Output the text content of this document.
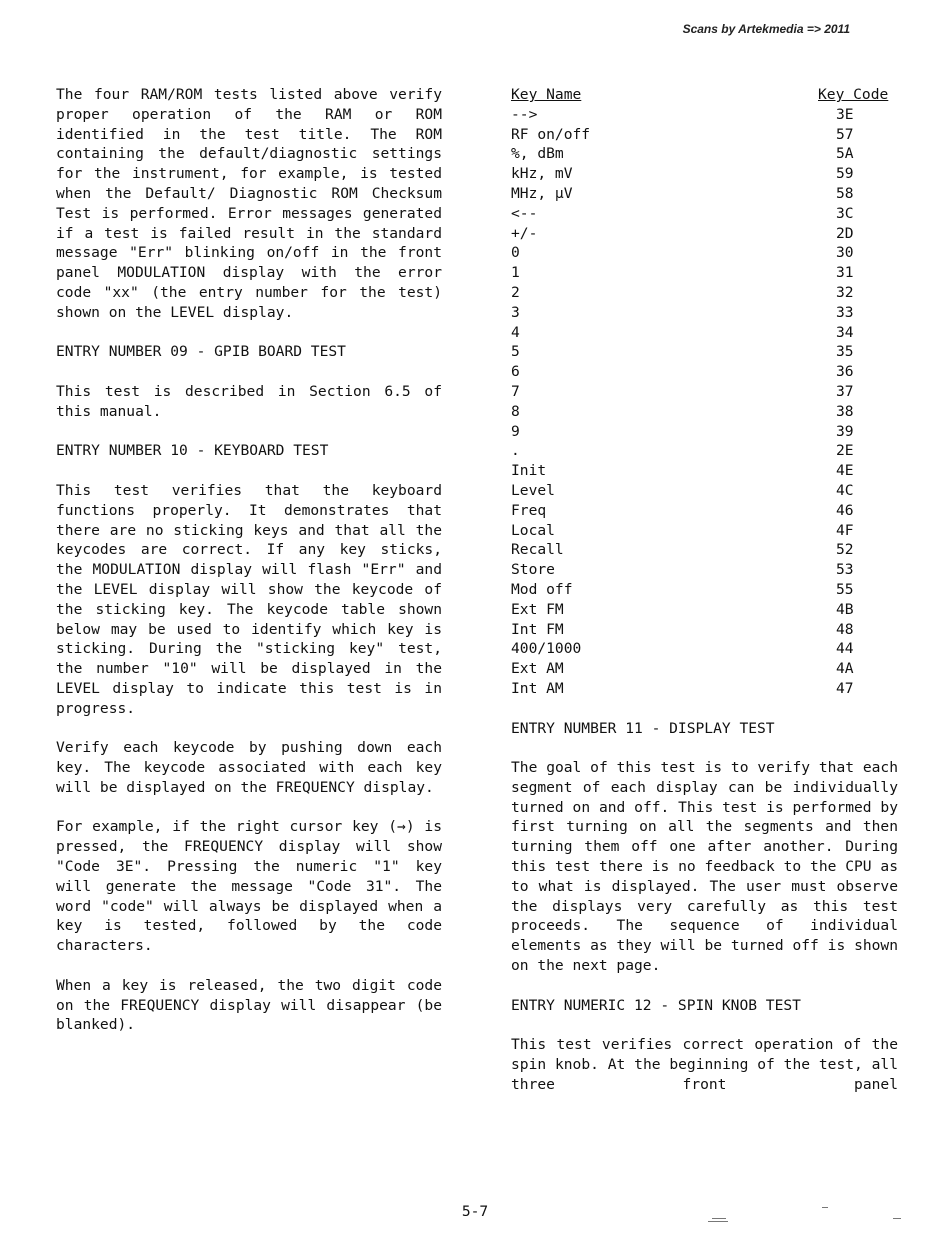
Scans by Artekmedia => 2011

The four RAM/ROM tests listed above verify proper operation of the RAM or ROM identified in the test title. The ROM containing the default/diagnostic settings for the instrument, for example, is tested when the Default/ Diagnostic ROM Checksum Test is performed. Error messages generated if a test is failed result in the standard message "Err" blinking on/off in the front panel MODULATION display with the error code "xx" (the entry number for the test) shown on the LEVEL display.

ENTRY NUMBER 09 - GPIB BOARD TEST

This test is described in Section 6.5 of this manual.

ENTRY NUMBER 10 - KEYBOARD TEST

This test verifies that the keyboard functions properly. It demonstrates that there are no sticking keys and that all the keycodes are correct. If any key sticks, the MODULATION display will flash "Err" and the LEVEL display will show the keycode of the sticking key. The keycode table shown below may be used to identify which key is sticking. During the "sticking key" test, the number "10" will be displayed in the LEVEL display to indicate this test is in progress.

Verify each keycode by pushing down each key. The keycode associated with each key will be displayed on the FREQUENCY display.

For example, if the right cursor key (→) is pressed, the FREQUENCY display will show "Code 3E". Pressing the numeric "1" key will generate the message "Code 31". The word "code" will always be displayed when a key is tested, followed by the code characters.

When a key is released, the two digit code on the FREQUENCY display will disappear (be blanked).

Key Name	Key Code
-->	3E
RF on/off	57
%, dBm	5A
kHz, mV	59
MHz, µV	58
<--	3C
+/-	2D
0	30
1	31
2	32
3	33
4	34
5	35
6	36
7	37
8	38
9	39
.	2E
Init	4E
Level	4C
Freq	46
Local	4F
Recall	52
Store	53
Mod off	55
Ext FM	4B
Int FM	48
400/1000	44
Ext AM	4A
Int AM	47
ENTRY NUMBER 11 - DISPLAY TEST

The goal of this test is to verify that each segment of each display can be individually turned on and off. This test is performed by first turning on all the segments and then turning them off one after another. During this test there is no feedback to the CPU as to what is displayed. The user must observe the displays very carefully as this test proceeds. The sequence of individual elements as they will be turned off is shown on the next page.

ENTRY NUMERIC 12 - SPIN KNOB TEST

This test verifies correct operation of the spin knob. At the beginning of the test, all three front panel

5-7
